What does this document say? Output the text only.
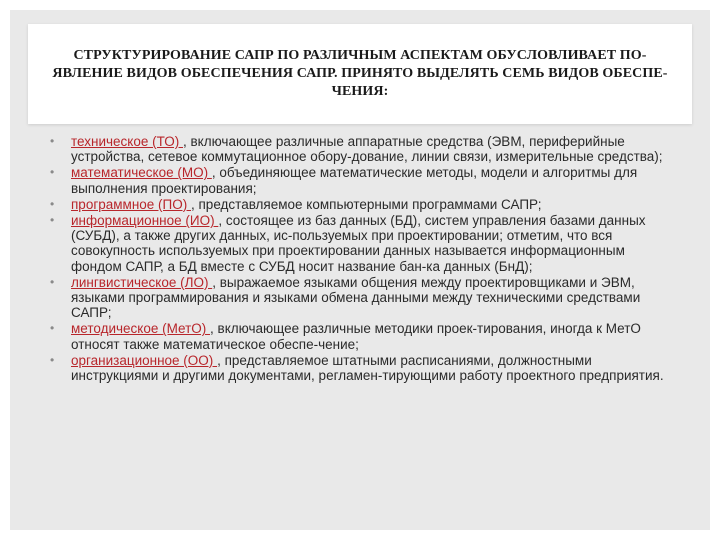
СТРУКТУРИРОВАНИЕ САПР ПО РАЗЛИЧНЫМ АСПЕКТАМ ОБУСЛОВЛИВАЕТ ПО-ЯВЛЕНИЕ ВИДОВ ОБЕСПЕЧЕНИЯ САПР. ПРИНЯТО ВЫДЕЛЯТЬ СЕМЬ ВИДОВ ОБЕСПЕ-ЧЕНИЯ:

• техническое (ТО) , включающее различные аппаратные средства (ЭВМ, периферийные устройства, сетевое коммутационное обору-дование, линии связи, измерительные средства);
• математическое (МО) , объединяющее математические методы, модели и алгоритмы для выполнения проектирования;
• программное (ПО) , представляемое компьютерными программами САПР;
• информационное (ИО) , состоящее из баз данных (БД), систем управления базами данных (СУБД), а также других данных, ис-пользуемых при проектировании; отметим, что вся совокупность используемых при проектировании данных называется информационным фондом САПР, а БД вместе с СУБД носит название бан-ка данных (БнД);
• лингвистическое (ЛО) , выражаемое языками общения между проектировщиками и ЭВМ, языками программирования и языками обмена данными между техническими средствами САПР;
• методическое (МетО) , включающее различные методики проек-тирования, иногда к МетО относят также математическое обеспе-чение;
• организационное (ОО) , представляемое штатными расписаниями, должностными инструкциями и другими документами, регламен-тирующими работу проектного предприятия.
